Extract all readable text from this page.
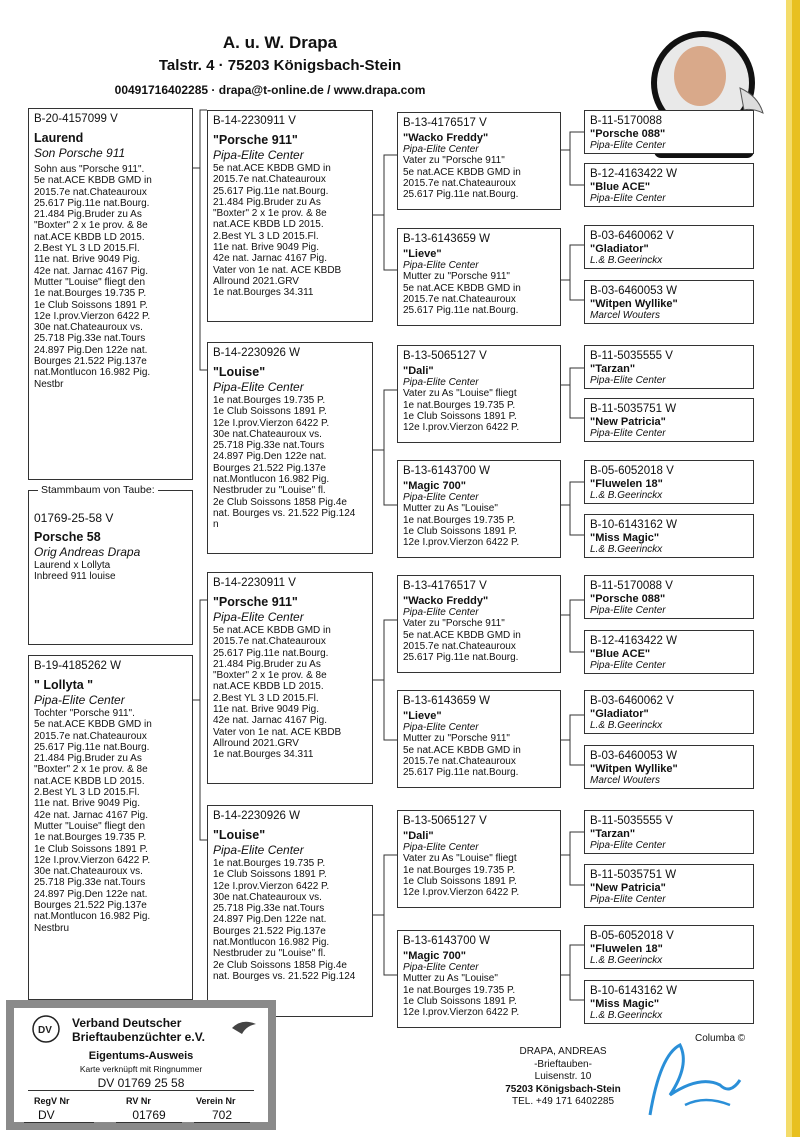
A. u. W. Drapa
Talstr. 4 · 75203 Königsbach-Stein
00491716402285 · drapa@t-online.de / www.drapa.com
B-20-4157099 V
Laurend
Son Porsche 911
Sohn aus "Porsche 911".
5e nat.ACE KBDB GMD in
2015.7e nat.Chateauroux
25.617 Pig.11e nat.Bourg.
21.484 Pig.Bruder zu As
"Boxter" 2 x 1e prov. & 8e
nat.ACE KBDB LD 2015.
2.Best YL 3 LD 2015.Fl.
11e nat. Brive 9049 Pig.
42e nat. Jarnac 4167 Pig.
Mutter "Louise" fliegt den
1e nat.Bourges 19.735 P.
1e Club Soissons 1891 P.
12e I.prov.Vierzon 6422 P.
30e nat.Chateauroux vs.
25.718 Pig.33e nat.Tours
24.897 Pig.Den 122e nat.
Bourges 21.522 Pig.137e
nat.Montlucon 16.982 Pig.
Nestbr
01769-25-58 V
Porsche 58
Orig Andreas Drapa
Laurend x Lollyta
Inbreed 911 louise
Stammbaum von Taube:
B-19-4185262 W
" Lollyta "
Pipa-Elite Center
Tochter "Porsche 911".
5e nat.ACE KBDB GMD in
2015.7e nat.Chateauroux
25.617 Pig.11e nat.Bourg.
21.484 Pig.Bruder zu As
"Boxter" 2 x 1e prov. & 8e
nat.ACE KBDB LD 2015.
2.Best YL 3 LD 2015.Fl.
11e nat. Brive 9049 Pig.
42e nat. Jarnac 4167 Pig.
Mutter "Louise" fliegt den
1e nat.Bourges 19.735 P.
1e Club Soissons 1891 P.
12e I.prov.Vierzon 6422 P.
30e nat.Chateauroux vs.
25.718 Pig.33e nat.Tours
24.897 Pig.Den 122e nat.
Bourges 21.522 Pig.137e
nat.Montlucon 16.982 Pig.
Nestbru
B-14-2230911 V
"Porsche 911"
Pipa-Elite Center
5e nat.ACE KBDB GMD in
2015.7e nat.Chateauroux
25.617 Pig.11e nat.Bourg.
21.484 Pig.Bruder zu As
"Boxter" 2 x 1e prov. & 8e
nat.ACE KBDB LD 2015.
2.Best YL 3 LD 2015.Fl.
11e nat. Brive 9049 Pig.
42e nat. Jarnac 4167 Pig.
Vater von 1e nat. ACE KBDB
Allround 2021.GRV
1e nat.Bourges 34.311
B-14-2230926 W
"Louise"
Pipa-Elite Center
1e nat.Bourges 19.735 P.
1e Club Soissons 1891 P.
12e I.prov.Vierzon 6422 P.
30e nat.Chateauroux vs.
25.718 Pig.33e nat.Tours
24.897 Pig.Den 122e nat.
Bourges 21.522 Pig.137e
nat.Montlucon 16.982 Pig.
Nestbruder zu "Louise" fl.
2e Club Soissons 1858 Pig.4e
nat. Bourges vs. 21.522 Pig.124
n
B-14-2230911 V
"Porsche 911"
Pipa-Elite Center
5e nat.ACE KBDB GMD in
2015.7e nat.Chateauroux
25.617 Pig.11e nat.Bourg.
21.484 Pig.Bruder zu As
"Boxter" 2 x 1e prov. & 8e
nat.ACE KBDB LD 2015.
2.Best YL 3 LD 2015.Fl.
11e nat. Brive 9049 Pig.
42e nat. Jarnac 4167 Pig.
Vater von 1e nat. ACE KBDB
Allround 2021.GRV
1e nat.Bourges 34.311
B-14-2230926 W
"Louise"
Pipa-Elite Center
1e nat.Bourges 19.735 P.
1e Club Soissons 1891 P.
12e I.prov.Vierzon 6422 P.
30e nat.Chateauroux vs.
25.718 Pig.33e nat.Tours
24.897 Pig.Den 122e nat.
Bourges 21.522 Pig.137e
nat.Montlucon 16.982 Pig.
Nestbruder zu "Louise" fl.
2e Club Soissons 1858 Pig.4e
nat. Bourges vs. 21.522 Pig.124
B-13-4176517 V
"Wacko Freddy"
Pipa-Elite Center
Vater zu "Porsche 911"
5e nat.ACE KBDB GMD in
2015.7e nat.Chateauroux
25.617 Pig.11e nat.Bourg.
B-13-6143659 W
"Lieve"
Pipa-Elite Center
Mutter zu "Porsche 911"
5e nat.ACE KBDB GMD in
2015.7e nat.Chateauroux
25.617 Pig.11e nat.Bourg.
B-13-5065127 V
"Dali"
Pipa-Elite Center
Vater zu As "Louise" fliegt
1e nat.Bourges 19.735 P.
1e Club Soissons 1891 P.
12e I.prov.Vierzon 6422 P.
B-13-6143700 W
"Magic 700"
Pipa-Elite Center
Mutter zu As "Louise"
1e nat.Bourges 19.735 P.
1e Club Soissons 1891 P.
12e I.prov.Vierzon 6422 P.
B-13-4176517 V
"Wacko Freddy"
Pipa-Elite Center
Vater zu "Porsche 911"
5e nat.ACE KBDB GMD in
2015.7e nat.Chateauroux
25.617 Pig.11e nat.Bourg.
B-13-6143659 W
"Lieve"
Pipa-Elite Center
Mutter zu "Porsche 911"
5e nat.ACE KBDB GMD in
2015.7e nat.Chateauroux
25.617 Pig.11e nat.Bourg.
B-13-5065127 V
"Dali"
Pipa-Elite Center
Vater zu As "Louise" fliegt
1e nat.Bourges 19.735 P.
1e Club Soissons 1891 P.
12e I.prov.Vierzon 6422 P.
B-13-6143700 W
"Magic 700"
Pipa-Elite Center
Mutter zu As "Louise"
1e nat.Bourges 19.735 P.
1e Club Soissons 1891 P.
12e I.prov.Vierzon 6422 P.
B-11-5170088
"Porsche 088"
Pipa-Elite Center
B-12-4163422 W
"Blue ACE"
Pipa-Elite Center
B-03-6460062 V
"Gladiator"
L.& B.Geerinckx
B-03-6460053 W
"Witpen Wyllike"
Marcel Wouters
B-11-5035555 V
"Tarzan"
Pipa-Elite Center
B-11-5035751 W
"New Patricia"
Pipa-Elite Center
B-05-6052018 V
"Fluwelen 18"
L.& B.Geerinckx
B-10-6143162 W
"Miss Magic"
L.& B.Geerinckx
B-11-5170088 V
"Porsche 088"
Pipa-Elite Center
B-12-4163422 W
"Blue ACE"
Pipa-Elite Center
B-03-6460062 V
"Gladiator"
L.& B.Geerinckx
B-03-6460053 W
"Witpen Wyllike"
Marcel Wouters
B-11-5035555 V
"Tarzan"
Pipa-Elite Center
B-11-5035751 W
"New Patricia"
Pipa-Elite Center
B-05-6052018 V
"Fluwelen 18"
L.& B.Geerinckx
B-10-6143162 W
"Miss Magic"
L.& B.Geerinckx
DV
Verband Deutscher
Brieftaubenzüchter e.V.
Eigentums-Ausweis
Karte verknüpft mit Ringnummer
DV 01769 25 58
RegV Nr	RV Nr	Verein Nr
DV	01769	702
Columba ©
DRAPA, ANDREAS
-Brieftauben-
Luisenstr. 10
75203 Königsbach-Stein
TEL. +49 171 6402285
